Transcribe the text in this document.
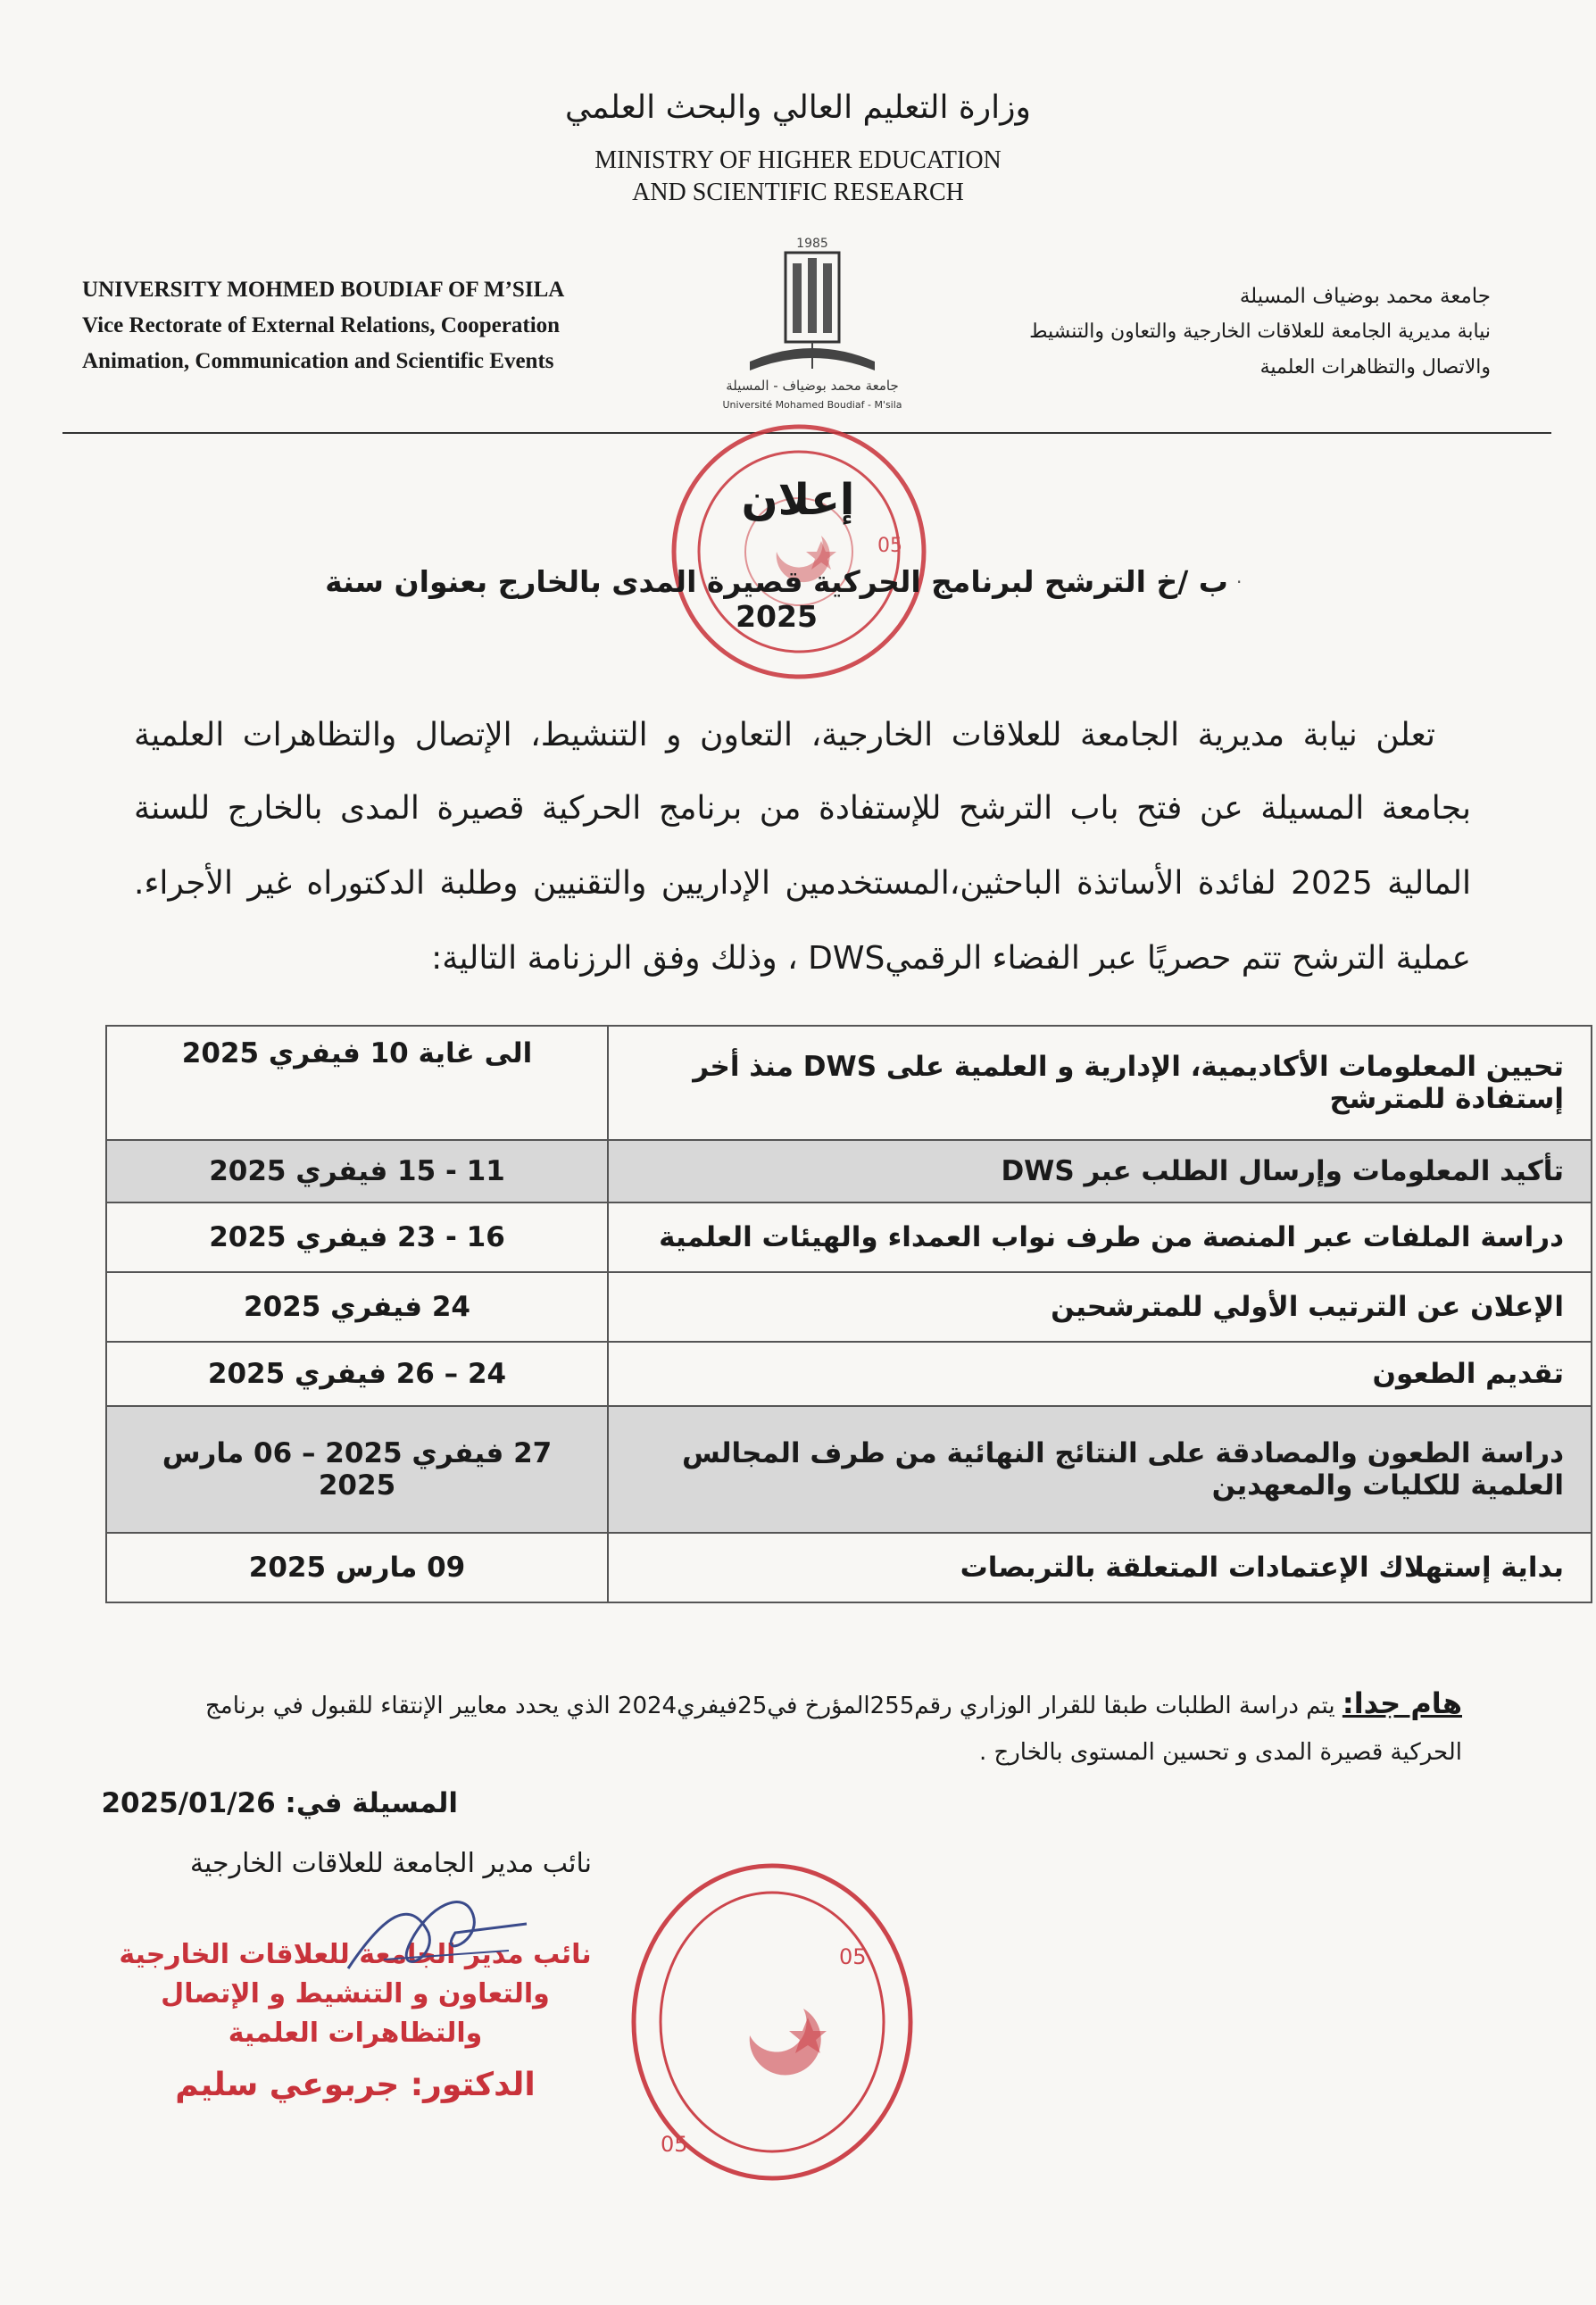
وزارة التعليم العالي والبحث العلمي
MINISTRY OF HIGHER EDUCATION
AND SCIENTIFIC RESEARCH
UNIVERSITY MOHMED BOUDIAF OF M’SILA
Vice Rectorate of External Relations, Cooperation
Animation, Communication and Scientific Events
جامعة محمد بوضياف المسيلة
نيابة مديرية الجامعة للعلاقات الخارجية والتعاون والتنشيط
والاتصال والتظاهرات العلمية
1985
جامعة محمد بوضياف - المسيلة
Université Mohamed Boudiaf - M'sila
05
إعلان
·
ب /خ الترشح لبرنامج الحركية قصيرة المدى بالخارج بعنوان سنة 2025
تعلن نيابة مديرية الجامعة للعلاقات الخارجية، التعاون و التنشيط، الإتصال والتظاهرات العلمية
بجامعة المسيلة عن فتح باب الترشح للإستفادة من برنامج الحركية قصيرة المدى بالخارج للسنة
المالية 2025 لفائدة الأساتذة الباحثين،المستخدمين الإداريين والتقنيين وطلبة الدكتوراه غير الأجراء.
عملية الترشح تتم حصريًا عبر الفضاء الرقميDWS ، وذلك وفق الرزنامة التالية:
تحيين المعلومات الأكاديمية، الإدارية و العلمية على DWS منذ أخر إستفادة للمترشح	الى غاية 10 فيفري 2025
تأكيد المعلومات وإرسال الطلب عبر DWS	11 - 15 فيفري 2025
دراسة الملفات عبر المنصة من طرف نواب العمداء والهيئات العلمية	16 - 23 فيفري 2025
الإعلان عن الترتيب الأولي للمترشحين	24 فيفري 2025
تقديم الطعون	24 – 26 فيفري 2025
دراسة الطعون والمصادقة على النتائج النهائية من طرف المجالس العلمية للكليات والمعهدين	27 فيفري 2025 – 06 مارس 2025
بداية إستهلاك الإعتمادات المتعلقة بالتربصات	09 مارس 2025
هام جدا: يتم دراسة الطلبات طبقا للقرار الوزاري رقم255المؤرخ في25فيفري2024 الذي يحدد معايير الإنتقاء للقبول في برنامج الحركية قصيرة المدى و تحسين المستوى بالخارج .
المسيلة في: 2025/01/26
نائب مدير الجامعة للعلاقات الخارجية
نائب مدير الجامعة للعلاقات الخارجية
والتعاون و التنشيط و الإتصال
والتظاهرات العلمية
الدكتور: جربوعي سليم
05
05
